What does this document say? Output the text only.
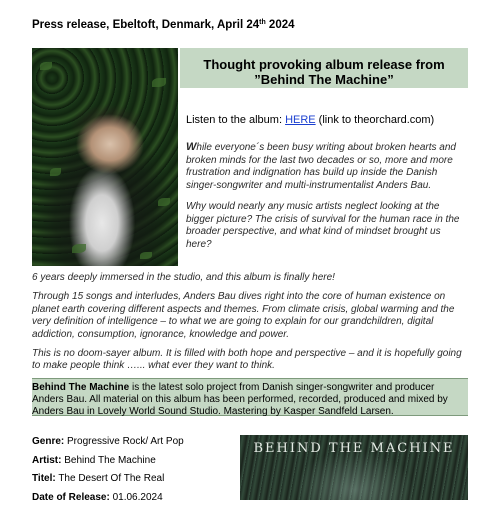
Press release, Ebeltoft, Denmark, April 24th 2024
Thought provoking album release from
”Behind The Machine”
Listen to the album: HERE (link to theorchard.com)

While everyone´s been busy writing about broken hearts and broken minds for the last two decades or so, more and more frustration and indignation has build up inside the Danish singer-songwriter and multi-instrumentalist Anders Bau.

Why would nearly any music artists neglect looking at the bigger picture? The crisis of survival for the human race in the broader perspective, and what kind of mindset brought us here?

6 years deeply immersed in the studio, and this album is finally here!

Through 15 songs and interludes, Anders Bau dives right into the core of human existence on planet earth covering different aspects and themes. From climate crisis, global warming and the very definition of intelligence – to what we are going to explain for our grandchildren, digital addiction, consumption, ignorance, knowledge and power.

This is no doom-sayer album. It is filled with both hope and perspective – and it is hopefully going to make people think …... what ever they want to think.

Behind The Machine is the latest solo project from Danish singer-songwriter and producer Anders Bau. All material on this album has been performed, recorded, produced and mixed by Anders Bau in Lovely World Sound Studio. Mastering by Kasper Sandfeld Larsen.
Genre: Progressive Rock/ Art Pop
Artist: Behind The Machine
Titel: The Desert Of The Real
Date of Release: 01.06.2024
BEHIND THE MACHINE
